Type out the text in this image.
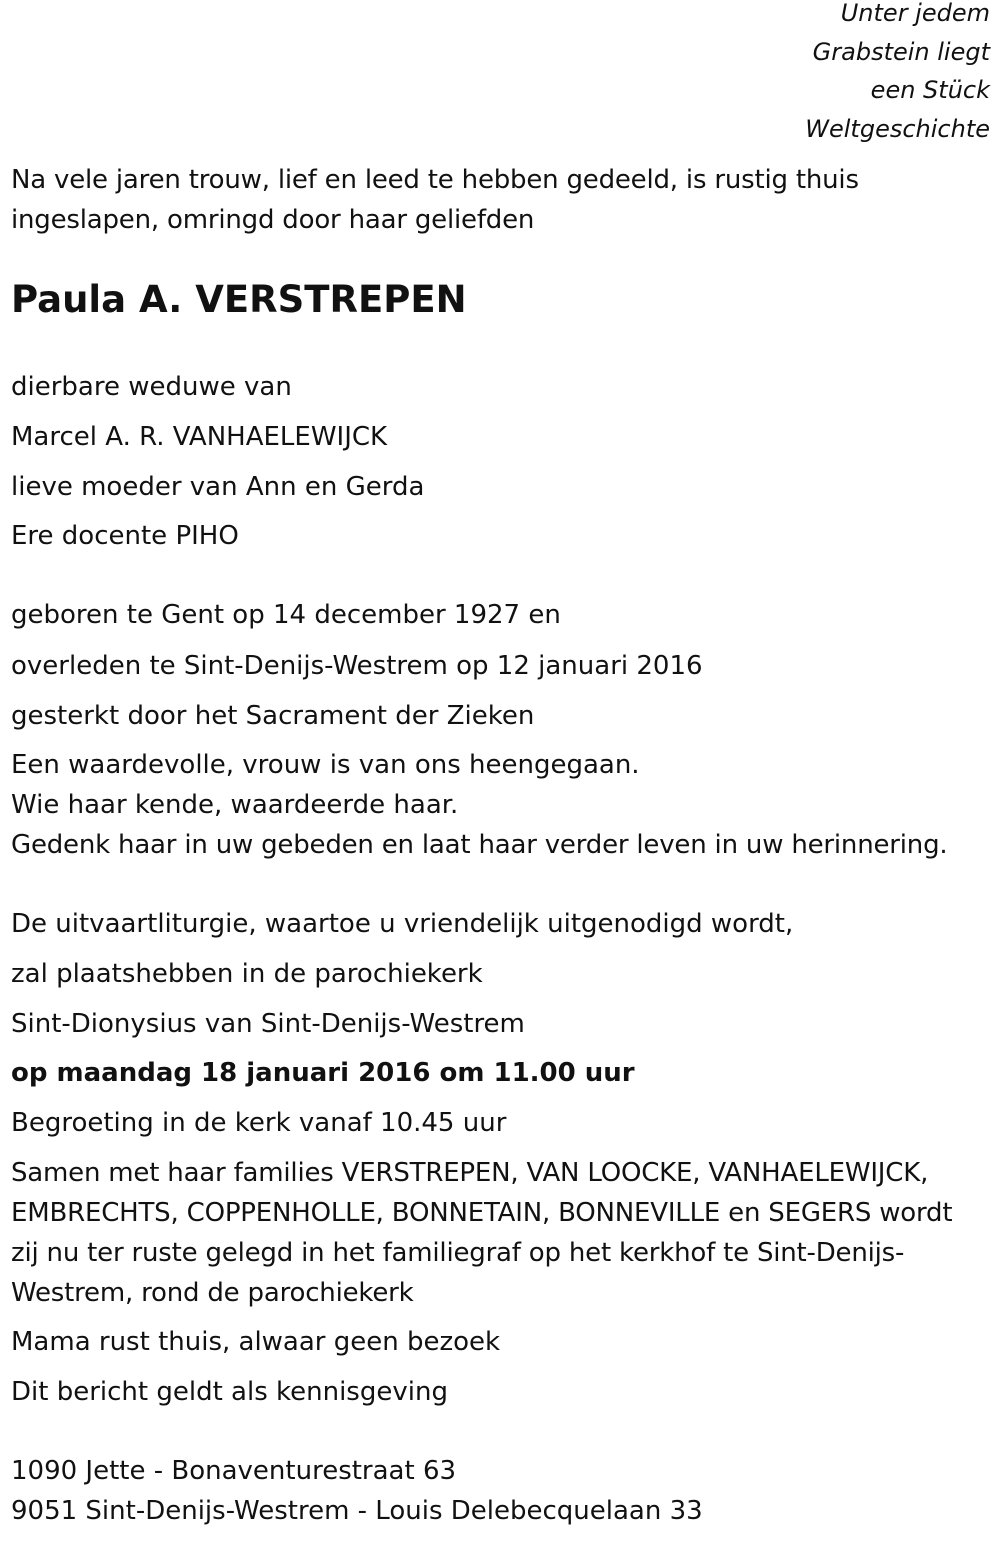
Unter jedem
Grabstein liegt
een Stück
Weltgeschichte

Na vele jaren trouw, lief en leed te hebben gedeeld, is rustig thuis ingeslapen, omringd door haar geliefden

Paula A. VERSTREPEN

dierbare weduwe van

Marcel A. R. VANHAELEWIJCK

lieve moeder van Ann en Gerda

Ere docente PIHO

geboren te Gent op 14 december 1927 en

overleden te Sint-Denijs-Westrem op 12 januari 2016

gesterkt door het Sacrament der Zieken

Een waardevolle, vrouw is van ons heengegaan.

Wie haar kende, waardeerde haar.

Gedenk haar in uw gebeden en laat haar verder leven in uw herinnering.

De uitvaartliturgie, waartoe u vriendelijk uitgenodigd wordt,

zal plaatshebben in de parochiekerk

Sint-Dionysius van Sint-Denijs-Westrem

op maandag 18 januari 2016 om 11.00 uur

Begroeting in de kerk vanaf 10.45 uur

Samen met haar families VERSTREPEN, VAN LOOCKE, VANHAELEWIJCK, EMBRECHTS, COPPENHOLLE, BONNETAIN, BONNEVILLE en SEGERS wordt zij nu ter ruste gelegd in het familiegraf op het kerkhof te Sint-Denijs-Westrem, rond de parochiekerk

Mama rust thuis, alwaar geen bezoek

Dit bericht geldt als kennisgeving

1090 Jette - Bonaventurestraat 63

9051 Sint-Denijs-Westrem - Louis Delebecquelaan 33
